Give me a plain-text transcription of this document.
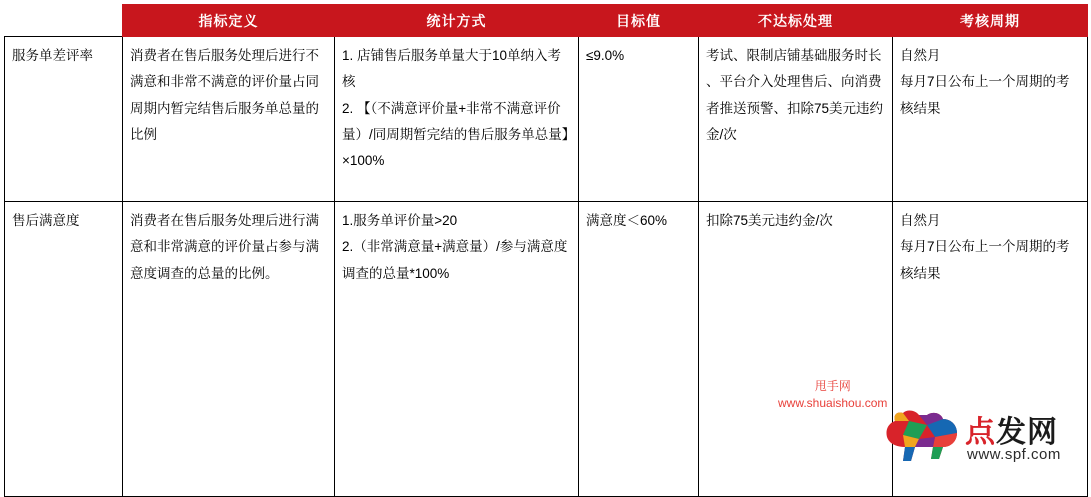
	指标定义	统计方式	目标值	不达标处理	考核周期
服务单差评率	消费者在售后服务处理后进行不满意和非常不满意的评价量占同周期内暂完结售后服务单总量的比例	1. 店铺售后服务单量大于10单纳入考核
2. 【（不满意评价量+非常不满意评价量）/同周期暂完结的售后服务单总量】×100%	≤9.0%	考试、限制店铺基础服务时长 、平台介入处理售后、向消费者推送预警、扣除75美元违约金/次	自然月
每月7日公布上一个周期的考核结果

售后满意度	消费者在售后服务处理后进行满意和非常满意的评价量占参与满意度调查的总量的比例。	1.服务单评价量>20
2.（非常满意量+满意量）/参与满意度调查的总量*100%	满意度＜60%	扣除75美元违约金/次	自然月
每月7日公布上一个周期的考核结果
甩手网
www.shuaishou.com
点发网
www.spf.com
